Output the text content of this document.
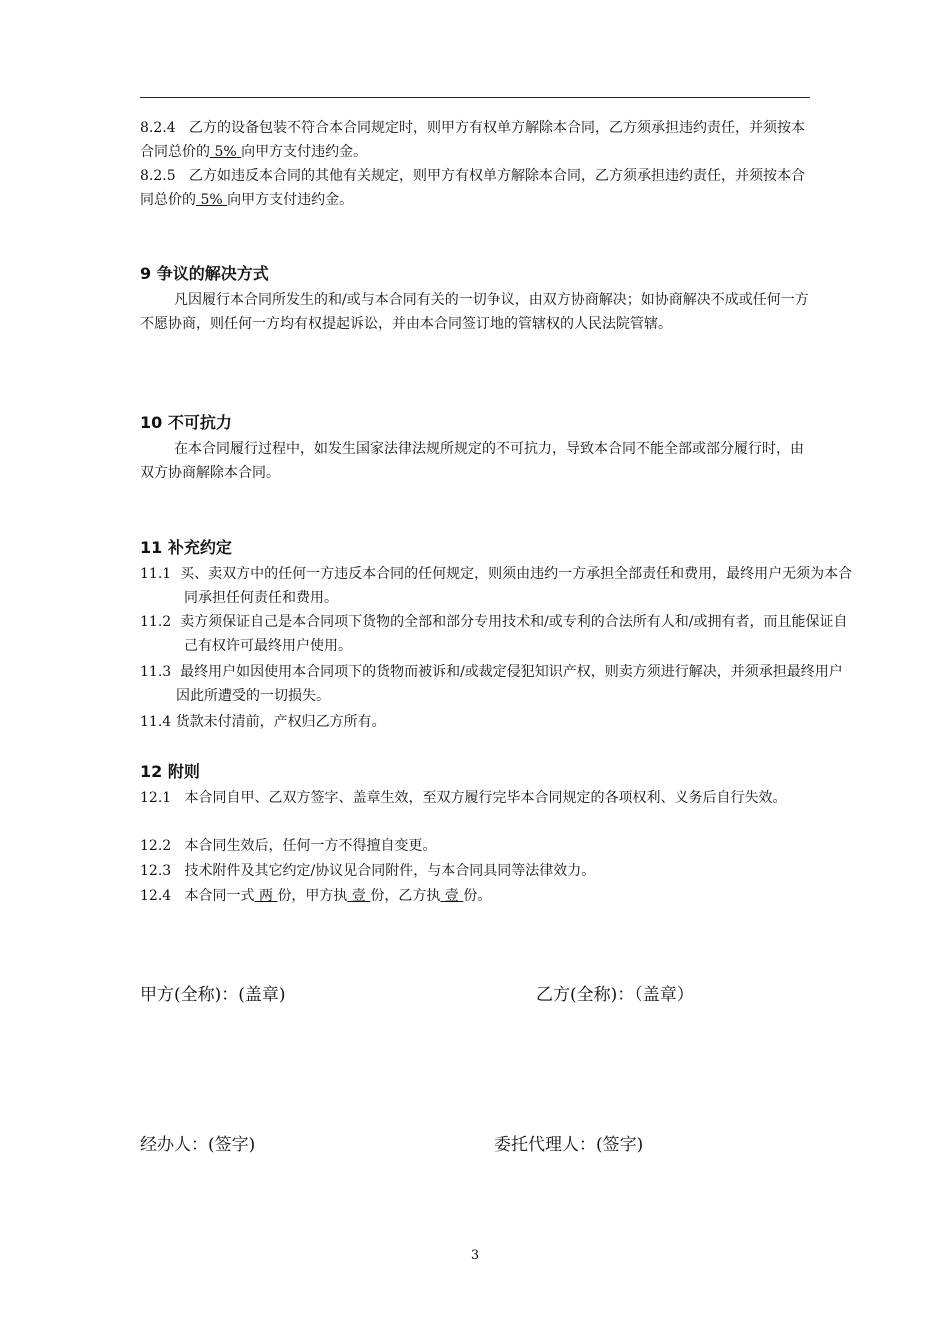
8.2.4 乙方的设备包装不符合本合同规定时，则甲方有权单方解除本合同，乙方须承担违约责任，并须按本合同总价的 5% 向甲方支付违约金。

8.2.5 乙方如违反本合同的其他有关规定，则甲方有权单方解除本合同，乙方须承担违约责任，并须按本合同总价的 5% 向甲方支付违约金。

9 争议的解决方式

凡因履行本合同所发生的和/或与本合同有关的一切争议，由双方协商解决；如协商解决不成或任何一方不愿协商，则任何一方均有权提起诉讼，并由本合同签订地的管辖权的人民法院管辖。

10 不可抗力

在本合同履行过程中，如发生国家法律法规所规定的不可抗力，导致本合同不能全部或部分履行时，由双方协商解除本合同。

11 补充约定

11.1 买、卖双方中的任何一方违反本合同的任何规定，则须由违约一方承担全部责任和费用，最终用户无须为本合同承担任何责任和费用。

11.2 卖方须保证自己是本合同项下货物的全部和部分专用技术和/或专利的合法所有人和/或拥有者，而且能保证自己有权许可最终用户使用。

11.3 最终用户如因使用本合同项下的货物而被诉和/或裁定侵犯知识产权，则卖方须进行解决，并须承担最终用户因此所遭受的一切损失。

11.4 货款未付清前，产权归乙方所有。

12 附则

12.1 本合同自甲、乙双方签字、盖章生效，至双方履行完毕本合同规定的各项权利、义务后自行失效。

12.2 本合同生效后，任何一方不得擅自变更。

12.3 技术附件及其它约定/协议见合同附件，与本合同具同等法律效力。

12.4 本合同一式 两 份，甲方执 壹 份，乙方执 壹 份。

甲方(全称)：(盖章)	乙方(全称)：（盖章）
经办人：(签字)	委托代理人：(签字)
3
